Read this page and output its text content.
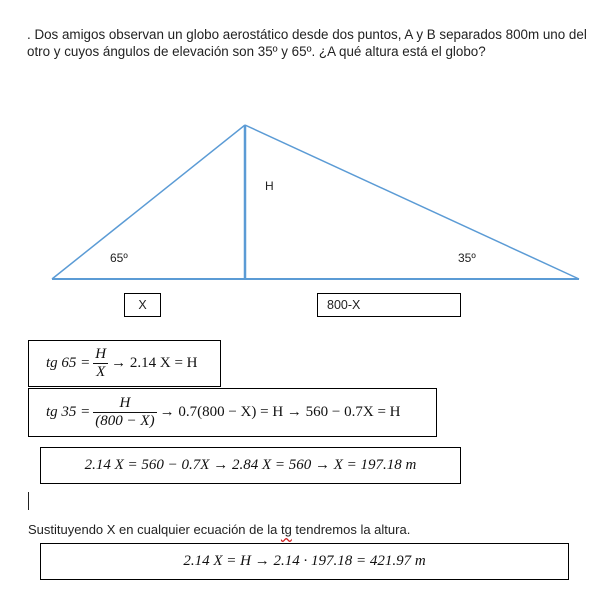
. Dos amigos observan un globo aerostático desde dos puntos, A y B separados 800m uno del otro y cuyos ángulos de elevación son 35º y 65º. ¿A qué altura está el globo?
H
65º	35º
X	800-X
tg $65 = \frac{H}{X} \to 2.14$ X = H
tg $35 = \frac{H}{(800 - X)} \to 0.7(800 - X) = H \to 560 - 0.7X = H$
2.14 X = 560 − 0.7X → 2.84 X = 560 → X = 197.18 m
Sustituyendo X en cualquier ecuación de la tg tendremos la altura.
2.14 X = H → 2.14 · 197.18 = 421.97 m
